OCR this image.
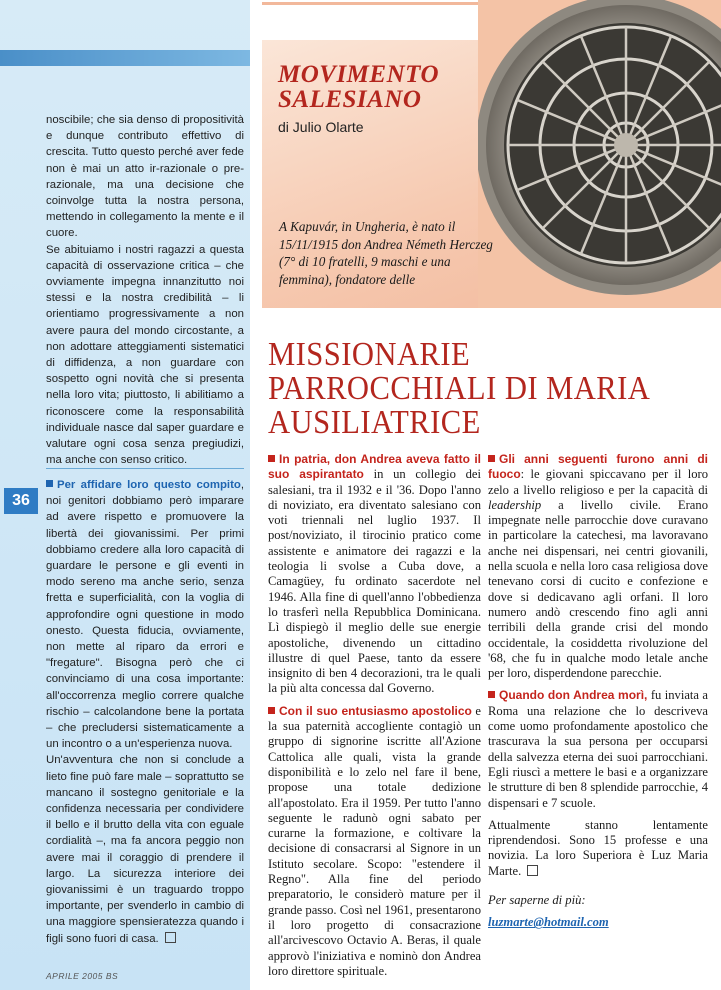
noscibile; che sia denso di propositività e dunque contributo effettivo di crescita. Tutto questo perché aver fede non è mai un atto ir-razionale o pre-razionale, ma una decisione che coinvolge tutta la nostra persona, mettendo in collegamento la mente e il cuore.

Se abituiamo i nostri ragazzi a questa capacità di osservazione critica – che ovviamente impegna innanzitutto noi stessi e la nostra credibilità – li orientiamo progressivamente a non avere paura del mondo circostante, a non adottare atteggiamenti sistematici di diffidenza, a non guardare con sospetto ogni novità che si presenta nella loro vita; piuttosto, li abilitiamo a riconoscere come la responsabilità individuale nasce dal saper guardare e valutare ogni cosa senza pregiudizi, ma anche con senso critico.

Per affidare loro questo compito, noi genitori dobbiamo però imparare ad avere rispetto e promuovere la libertà dei giovanissimi. Per primi dobbiamo credere alla loro capacità di guardare le persone e gli eventi in modo sereno ma anche serio, senza fretta e superficialità, con la voglia di approfondire ogni questione in modo onesto. Questa fiducia, ovviamente, non mette al riparo da errori e "fregature". Bisogna però che ci convinciamo di una cosa importante: all'occorrenza meglio correre qualche rischio – calcolandone bene la portata – che precludersi sistematicamente a un incontro o a un'esperienza nuova.

Un'avventura che non si conclude a lieto fine può fare male – soprattutto se mancano il sostegno genitoriale e la confidenza necessaria per condividere il bello e il brutto della vita con eguale cordialità –, ma fa ancora peggio non avere mai il coraggio di prendere il largo. La sicurezza interiore dei giovanissimi è un traguardo troppo importante, per svenderlo in cambio di una maggiore spensieratezza quando i figli sono fuori di casa.

36
APRILE 2005 BS
MOVIMENTO SALESIANO
di Julio Olarte
A Kapuvár, in Ungheria, è nato il 15/11/1915 don Andrea Németh Herczeg (7° di 10 fratelli, 9 maschi e una femmina), fondatore delle
MISSIONARIE PARROCCHIALI DI MARIA AUSILIATRICE

In patria, don Andrea aveva fatto il suo aspirantato in un collegio dei salesiani, tra il 1932 e il '36. Dopo l'anno di noviziato, era diventato salesiano con voti triennali nel luglio 1937. Il post/noviziato, il tirocinio pratico come assistente e animatore dei ragazzi e la teologia li svolse a Cuba dove, a Camagüey, fu ordinato sacerdote nel 1946. Alla fine di quell'anno l'obbedienza lo trasferì nella Repubblica Dominicana. Lì dispiegò il meglio delle sue energie apostoliche, divenendo un cittadino illustre di quel Paese, tanto da essere insignito di ben 4 decorazioni, tra le quali la più alta concessa dal Governo.

Con il suo entusiasmo apostolico e la sua paternità accogliente contagiò un gruppo di signorine iscritte all'Azione Cattolica alle quali, vista la grande disponibilità e lo zelo nel fare il bene, propose una totale dedizione all'apostolato. Era il 1959. Per tutto l'anno seguente le radunò ogni sabato per curarne la formazione, e coltivare la decisione di consacrarsi al Signore in un Istituto secolare. Scopo: "estendere il Regno". Alla fine del periodo preparatorio, le considerò mature per il grande passo. Così nel 1961, presentarono il loro progetto di consacrazione all'arcivescovo Octavio A. Beras, il quale approvò l'iniziativa e nominò don Andrea loro direttore spirituale.

Gli anni seguenti furono anni di fuoco: le giovani spiccavano per il loro zelo a livello religioso e per la capacità di leadership a livello civile. Erano impegnate nelle parrocchie dove curavano in particolare la catechesi, ma lavoravano anche nei dispensari, nei centri giovanili, nella scuola e nella loro casa religiosa dove tenevano corsi di cucito e confezione e dove si dedicavano agli orfani. Il loro numero andò crescendo fino agli anni terribili della grande crisi del mondo occidentale, la cosiddetta rivoluzione del '68, che fu in qualche modo letale anche per loro, disperdendone parecchie.

Quando don Andrea morì, fu inviata a Roma una relazione che lo descriveva come uomo profondamente apostolico che trascurava la sua persona per occuparsi della salvezza eterna dei suoi parrocchiani. Egli riuscì a mettere le basi e a organizzare le strutture di ben 8 splendide parrocchie, 4 dispensari e 7 scuole.

Attualmente stanno lentamente riprendendosi. Sono 15 professe e una novizia. La loro Superiora è Luz Maria Marte.

Per saperne di più:

luzmarte@hotmail.com
